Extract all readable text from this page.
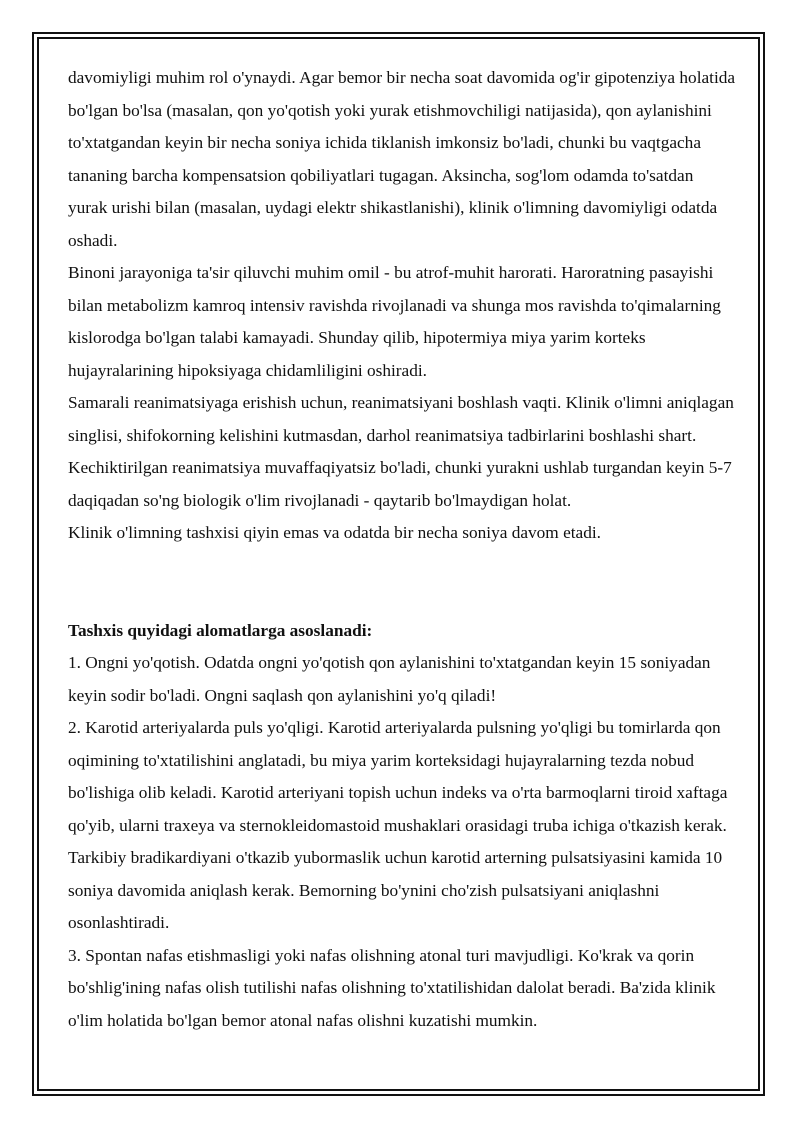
davomiyligi muhim rol o'ynaydi. Agar bemor bir necha soat davomida og'ir gipotenziya holatida bo'lgan bo'lsa (masalan, qon yo'qotish yoki yurak etishmovchiligi natijasida), qon aylanishini to'xtatgandan keyin bir necha soniya ichida tiklanish imkonsiz bo'ladi, chunki bu vaqtgacha tananing barcha kompensatsion qobiliyatlari tugagan. Aksincha, sog'lom odamda to'satdan yurak urishi bilan (masalan, uydagi elektr shikastlanishi), klinik o'limning davomiyligi odatda oshadi.

Binoni jarayoniga ta'sir qiluvchi muhim omil - bu atrof-muhit harorati. Haroratning pasayishi bilan metabolizm kamroq intensiv ravishda rivojlanadi va shunga mos ravishda to'qimalarning kislorodga bo'lgan talabi kamayadi. Shunday qilib, hipotermiya miya yarim korteks hujayralarining hipoksiyaga chidamliligini oshiradi.

Samarali reanimatsiyaga erishish uchun, reanimatsiyani boshlash vaqti. Klinik o'limni aniqlagan singlisi, shifokorning kelishini kutmasdan, darhol reanimatsiya tadbirlarini boshlashi shart. Kechiktirilgan reanimatsiya muvaffaqiyatsiz bo'ladi, chunki yurakni ushlab turgandan keyin 5-7 daqiqadan so'ng biologik o'lim rivojlanadi - qaytarib bo'lmaydigan holat.

Klinik o'limning tashxisi qiyin emas va odatda bir necha soniya davom etadi.

Tashxis quyidagi alomatlarga asoslanadi:

1. Ongni yo'qotish. Odatda ongni yo'qotish qon aylanishini to'xtatgandan keyin 15 soniyadan keyin sodir bo'ladi. Ongni saqlash qon aylanishini yo'q qiladi!

2. Karotid arteriyalarda puls yo'qligi. Karotid arteriyalarda pulsning yo'qligi bu tomirlarda qon oqimining to'xtatilishini anglatadi, bu miya yarim korteksidagi hujayralarning tezda nobud bo'lishiga olib keladi. Karotid arteriyani topish uchun indeks va o'rta barmoqlarni tiroid xaftaga qo'yib, ularni traxeya va sternokleidomastoid mushaklari orasidagi truba ichiga o'tkazish kerak. Tarkibiy bradikardiyani o'tkazib yubormaslik uchun karotid arterning pulsatsiyasini kamida 10 soniya davomida aniqlash kerak. Bemorning bo'ynini cho'zish pulsatsiyani aniqlashni osonlashtiradi.

3. Spontan nafas etishmasligi yoki nafas olishning atonal turi mavjudligi. Ko'krak va qorin bo'shlig'ining nafas olish tutilishi nafas olishning to'xtatilishidan dalolat beradi. Ba'zida klinik o'lim holatida bo'lgan bemor atonal nafas olishni kuzatishi mumkin.
